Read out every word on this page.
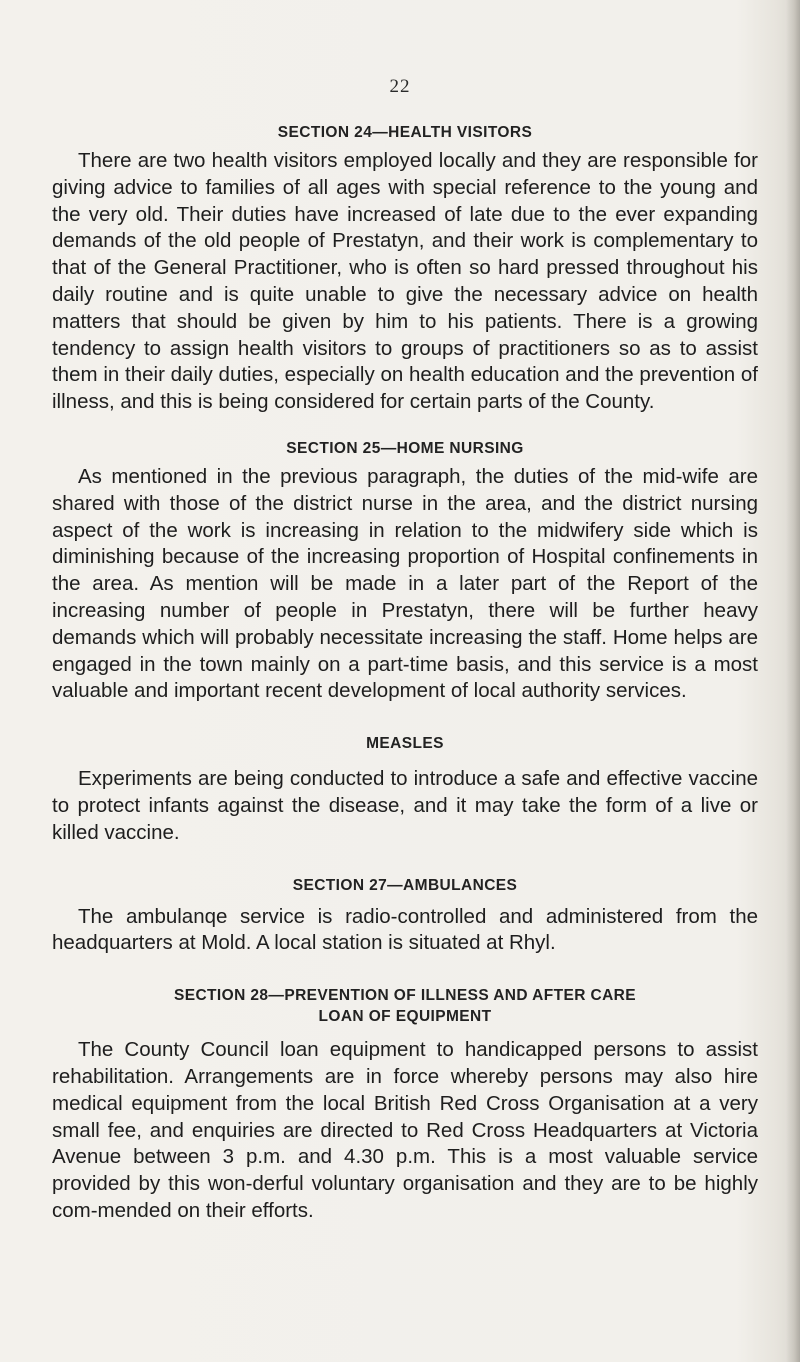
22
SECTION 24—HEALTH VISITORS

There are two health visitors employed locally and they are responsible for giving advice to families of all ages with special reference to the young and the very old. Their duties have increased of late due to the ever expanding demands of the old people of Prestatyn, and their work is complementary to that of the General Practitioner, who is often so hard pressed throughout his daily routine and is quite unable to give the necessary advice on health matters that should be given by him to his patients. There is a growing tendency to assign health visitors to groups of practitioners so as to assist them in their daily duties, especially on health education and the prevention of illness, and this is being considered for certain parts of the County.

SECTION 25—HOME NURSING

As mentioned in the previous paragraph, the duties of the mid-wife are shared with those of the district nurse in the area, and the district nursing aspect of the work is increasing in relation to the midwifery side which is diminishing because of the increasing proportion of Hospital confinements in the area. As mention will be made in a later part of the Report of the increasing number of people in Prestatyn, there will be further heavy demands which will probably necessitate increasing the staff. Home helps are engaged in the town mainly on a part-time basis, and this service is a most valuable and important recent development of local authority services.

MEASLES

Experiments are being conducted to introduce a safe and effective vaccine to protect infants against the disease, and it may take the form of a live or killed vaccine.

SECTION 27—AMBULANCES

The ambulanqe service is radio-controlled and administered from the headquarters at Mold. A local station is situated at Rhyl.

SECTION 28—PREVENTION OF ILLNESS AND AFTER CARE
LOAN OF EQUIPMENT

The County Council loan equipment to handicapped persons to assist rehabilitation. Arrangements are in force whereby persons may also hire medical equipment from the local British Red Cross Organisation at a very small fee, and enquiries are directed to Red Cross Headquarters at Victoria Avenue between 3 p.m. and 4.30 p.m. This is a most valuable service provided by this won-derful voluntary organisation and they are to be highly com-mended on their efforts.
